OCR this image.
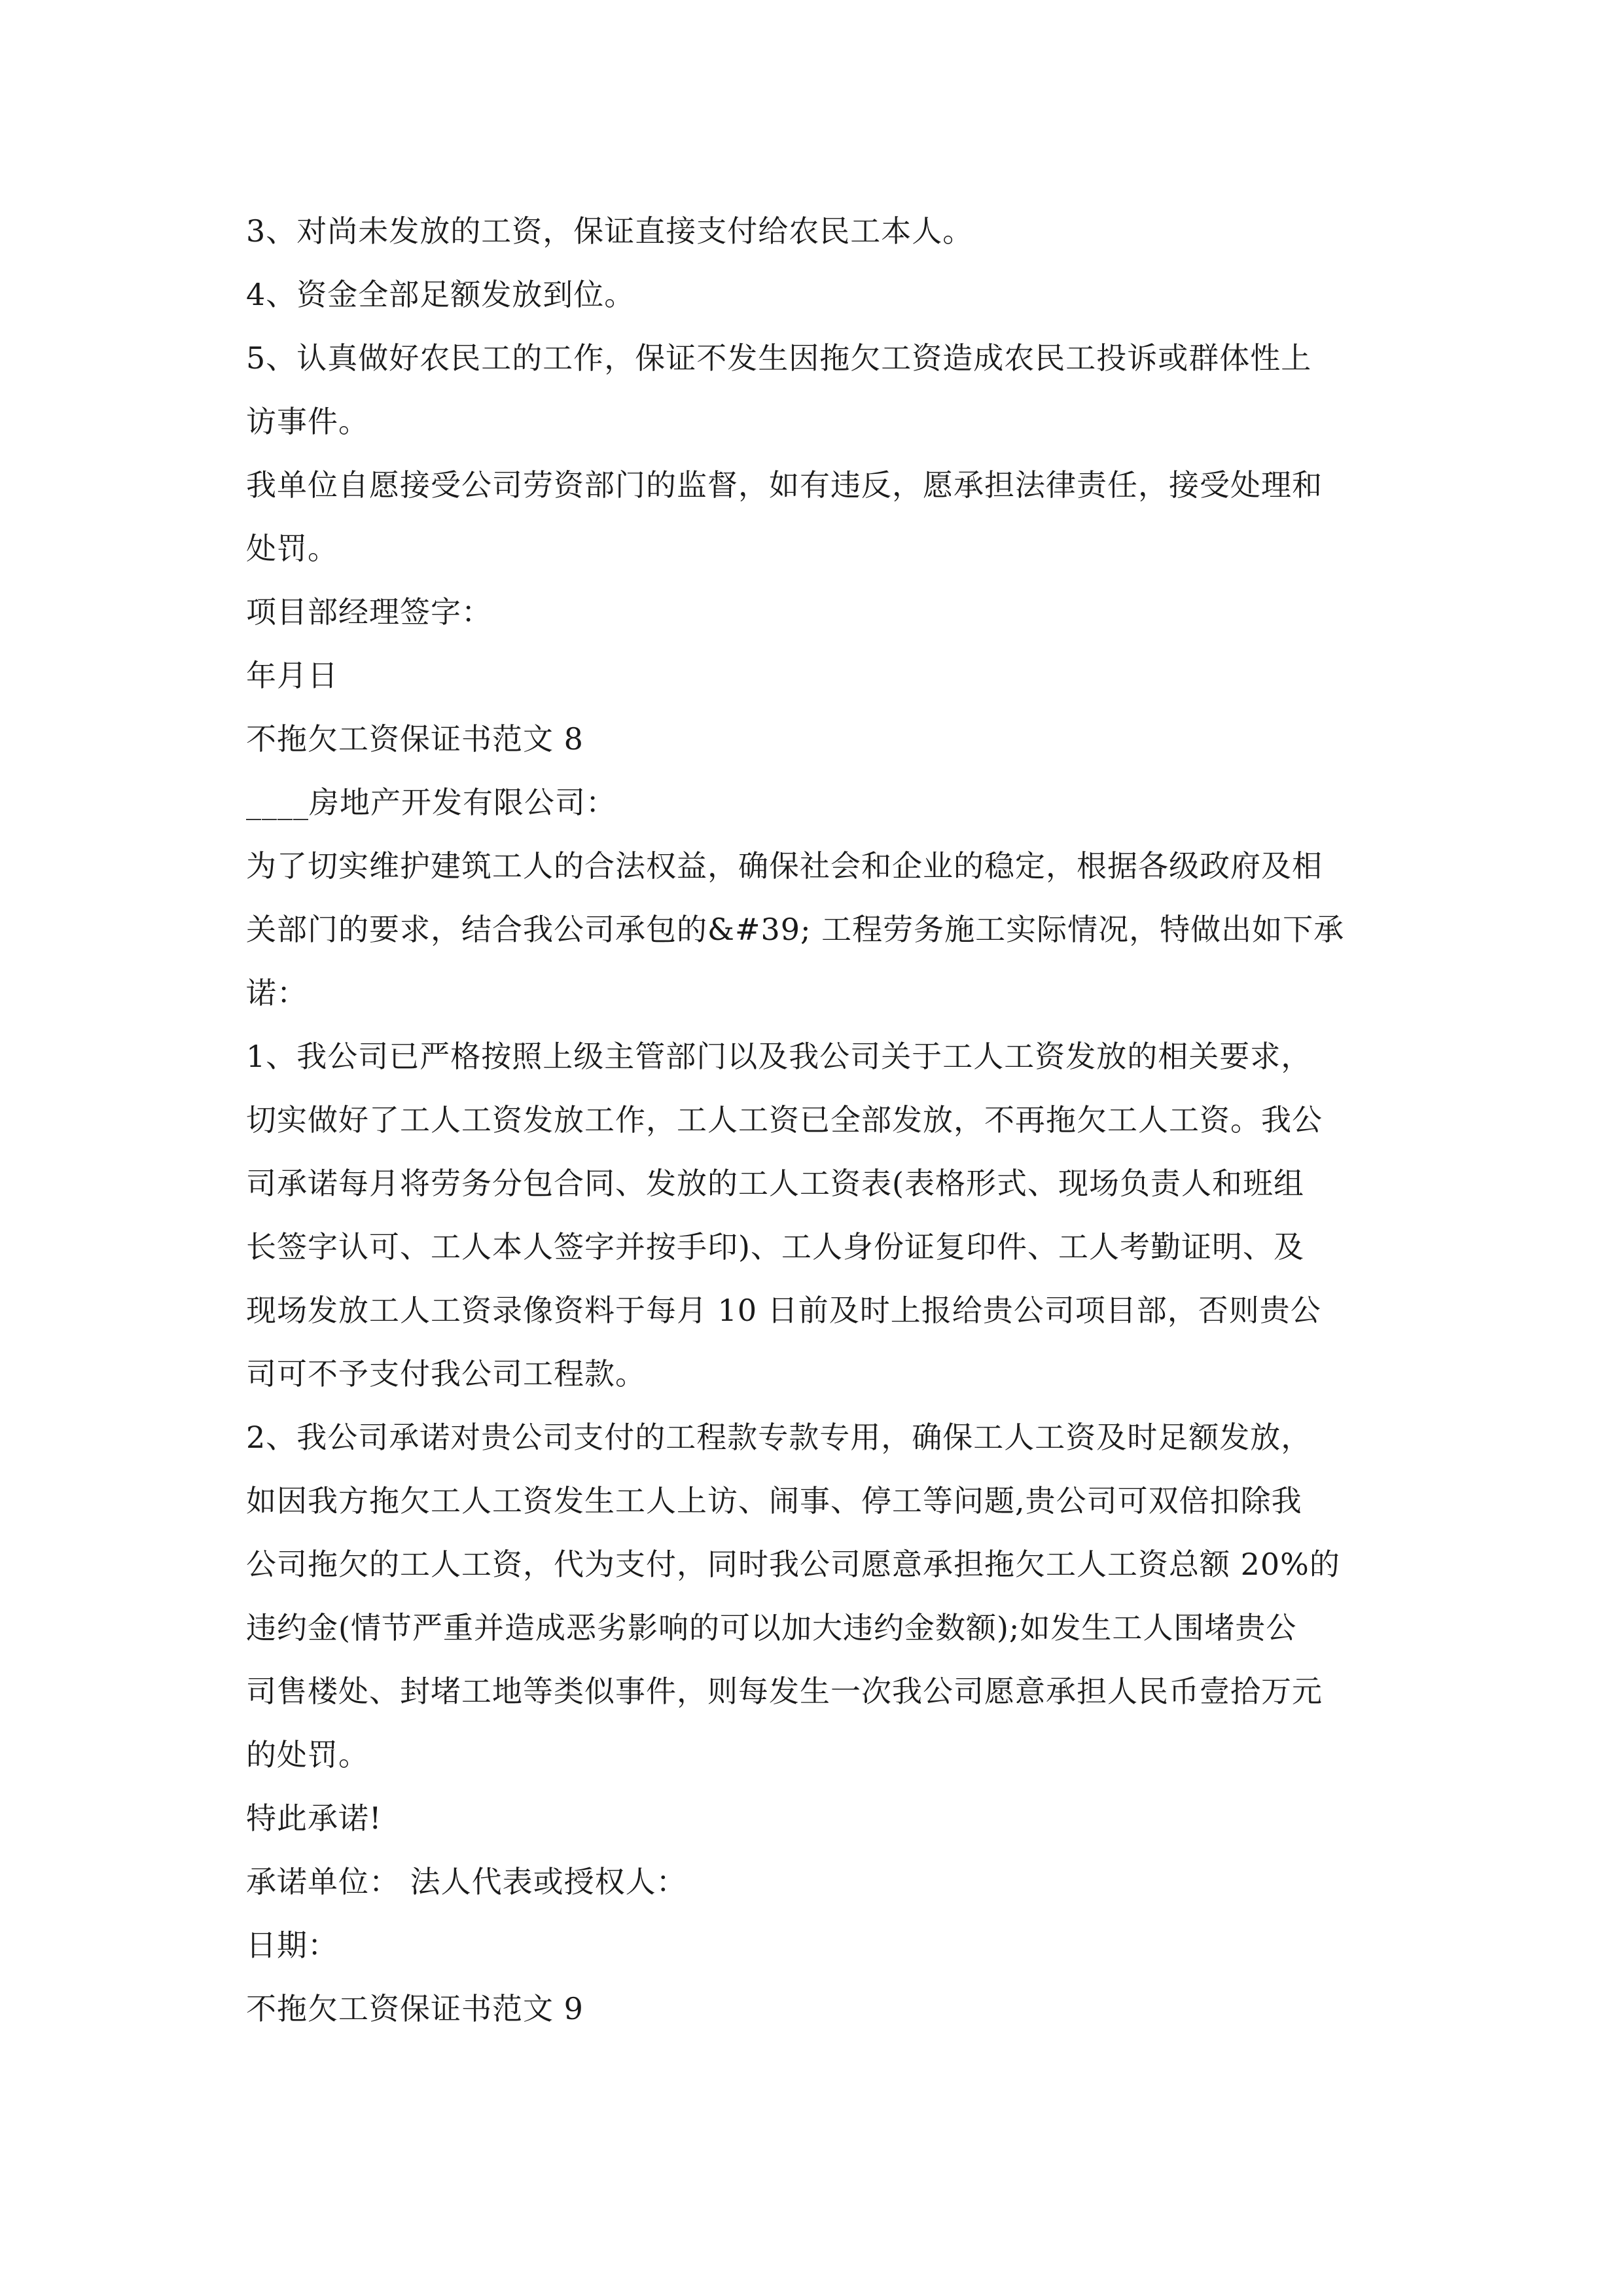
3、对尚未发放的工资，保证直接支付给农民工本人。
4、资金全部足额发放到位。
5、认真做好农民工的工作，保证不发生因拖欠工资造成农民工投诉或群体性上
访事件。
我单位自愿接受公司劳资部门的监督，如有违反，愿承担法律责任，接受处理和
处罚。
项目部经理签字：
年月日
不拖欠工资保证书范文 8
____房地产开发有限公司：
为了切实维护建筑工人的合法权益，确保社会和企业的稳定，根据各级政府及相
关部门的要求，结合我公司承包的&#39; 工程劳务施工实际情况，特做出如下承
诺：
1、我公司已严格按照上级主管部门以及我公司关于工人工资发放的相关要求，
切实做好了工人工资发放工作，工人工资已全部发放，不再拖欠工人工资。我公
司承诺每月将劳务分包合同、发放的工人工资表(表格形式、现场负责人和班组
长签字认可、工人本人签字并按手印)、工人身份证复印件、工人考勤证明、及
现场发放工人工资录像资料于每月 10 日前及时上报给贵公司项目部，否则贵公
司可不予支付我公司工程款。
2、我公司承诺对贵公司支付的工程款专款专用，确保工人工资及时足额发放，
如因我方拖欠工人工资发生工人上访、闹事、停工等问题,贵公司可双倍扣除我
公司拖欠的工人工资，代为支付，同时我公司愿意承担拖欠工人工资总额 20%的
违约金(情节严重并造成恶劣影响的可以加大违约金数额);如发生工人围堵贵公
司售楼处、封堵工地等类似事件，则每发生一次我公司愿意承担人民币壹拾万元
的处罚。
特此承诺!
承诺单位： 法人代表或授权人：
日期：
不拖欠工资保证书范文 9
